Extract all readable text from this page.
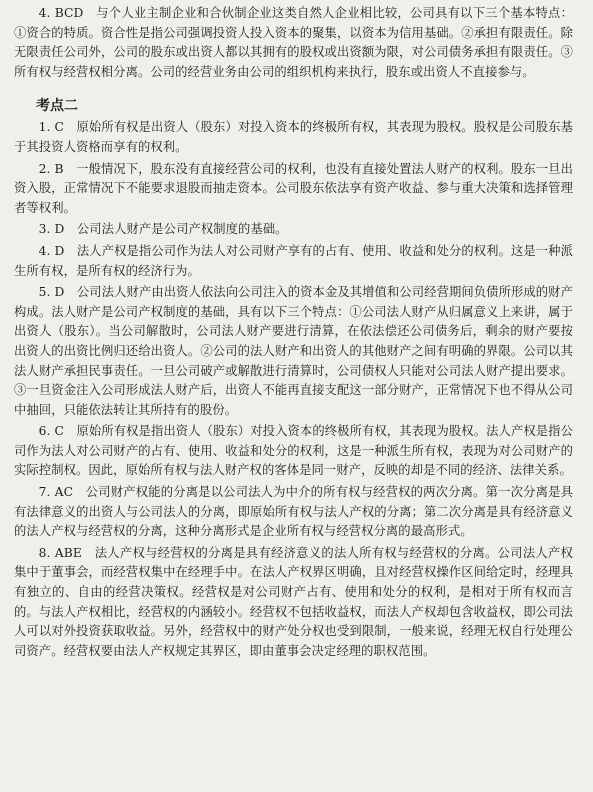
4. BCD　与个人业主制企业和合伙制企业这类自然人企业相比较，公司具有以下三个基本特点：①资合的特质。资合性是指公司强调投资人投入资本的聚集，以资本为信用基础。②承担有限责任。除无限责任公司外，公司的股东或出资人都以其拥有的股权或出资额为限，对公司债务承担有限责任。③所有权与经营权相分离。公司的经营业务由公司的组织机构来执行，股东或出资人不直接参与。

考点二

1. C　原始所有权是出资人（股东）对投入资本的终极所有权，其表现为股权。股权是公司股东基于其投资人资格而享有的权利。

2. B　一般情况下，股东没有直接经营公司的权利，也没有直接处置法人财产的权利。股东一旦出资入股，正常情况下不能要求退股而抽走资本。公司股东依法享有资产收益、参与重大决策和选择管理者等权利。

3. D　公司法人财产是公司产权制度的基础。

4. D　法人产权是指公司作为法人对公司财产享有的占有、使用、收益和处分的权利。这是一种派生所有权，是所有权的经济行为。

5. D　公司法人财产由出资人依法向公司注入的资本金及其增值和公司经营期间负债所形成的财产构成。法人财产是公司产权制度的基础，具有以下三个特点：①公司法人财产从归属意义上来讲，属于出资人（股东）。当公司解散时，公司法人财产要进行清算，在依法偿还公司债务后，剩余的财产要按出资人的出资比例归还给出资人。②公司的法人财产和出资人的其他财产之间有明确的界限。公司以其法人财产承担民事责任。一旦公司破产或解散进行清算时，公司债权人只能对公司法人财产提出要求。③一旦资金注入公司形成法人财产后，出资人不能再直接支配这一部分财产，正常情况下也不得从公司中抽回，只能依法转让其所持有的股份。

6. C　原始所有权是指出资人（股东）对投入资本的终极所有权，其表现为股权。法人产权是指公司作为法人对公司财产的占有、使用、收益和处分的权利，这是一种派生所有权，表现为对公司财产的实际控制权。因此，原始所有权与法人财产权的客体是同一财产，反映的却是不同的经济、法律关系。

7. AC　公司财产权能的分离是以公司法人为中介的所有权与经营权的两次分离。第一次分离是具有法律意义的出资人与公司法人的分离，即原始所有权与法人产权的分离；第二次分离是具有经济意义的法人产权与经营权的分离，这种分离形式是企业所有权与经营权分离的最高形式。

8. ABE　法人产权与经营权的分离是具有经济意义的法人所有权与经营权的分离。公司法人产权集中于董事会，而经营权集中在经理手中。在法人产权界区明确，且对经营权操作区间给定时，经理具有独立的、自由的经营决策权。经营权是对公司财产占有、使用和处分的权利，是相对于所有权而言的。与法人产权相比，经营权的内涵较小。经营权不包括收益权，而法人产权却包含收益权，即公司法人可以对外投资获取收益。另外，经营权中的财产处分权也受到限制，一般来说，经理无权自行处理公司资产。经营权要由法人产权规定其界区，即由董事会决定经理的职权范围。
